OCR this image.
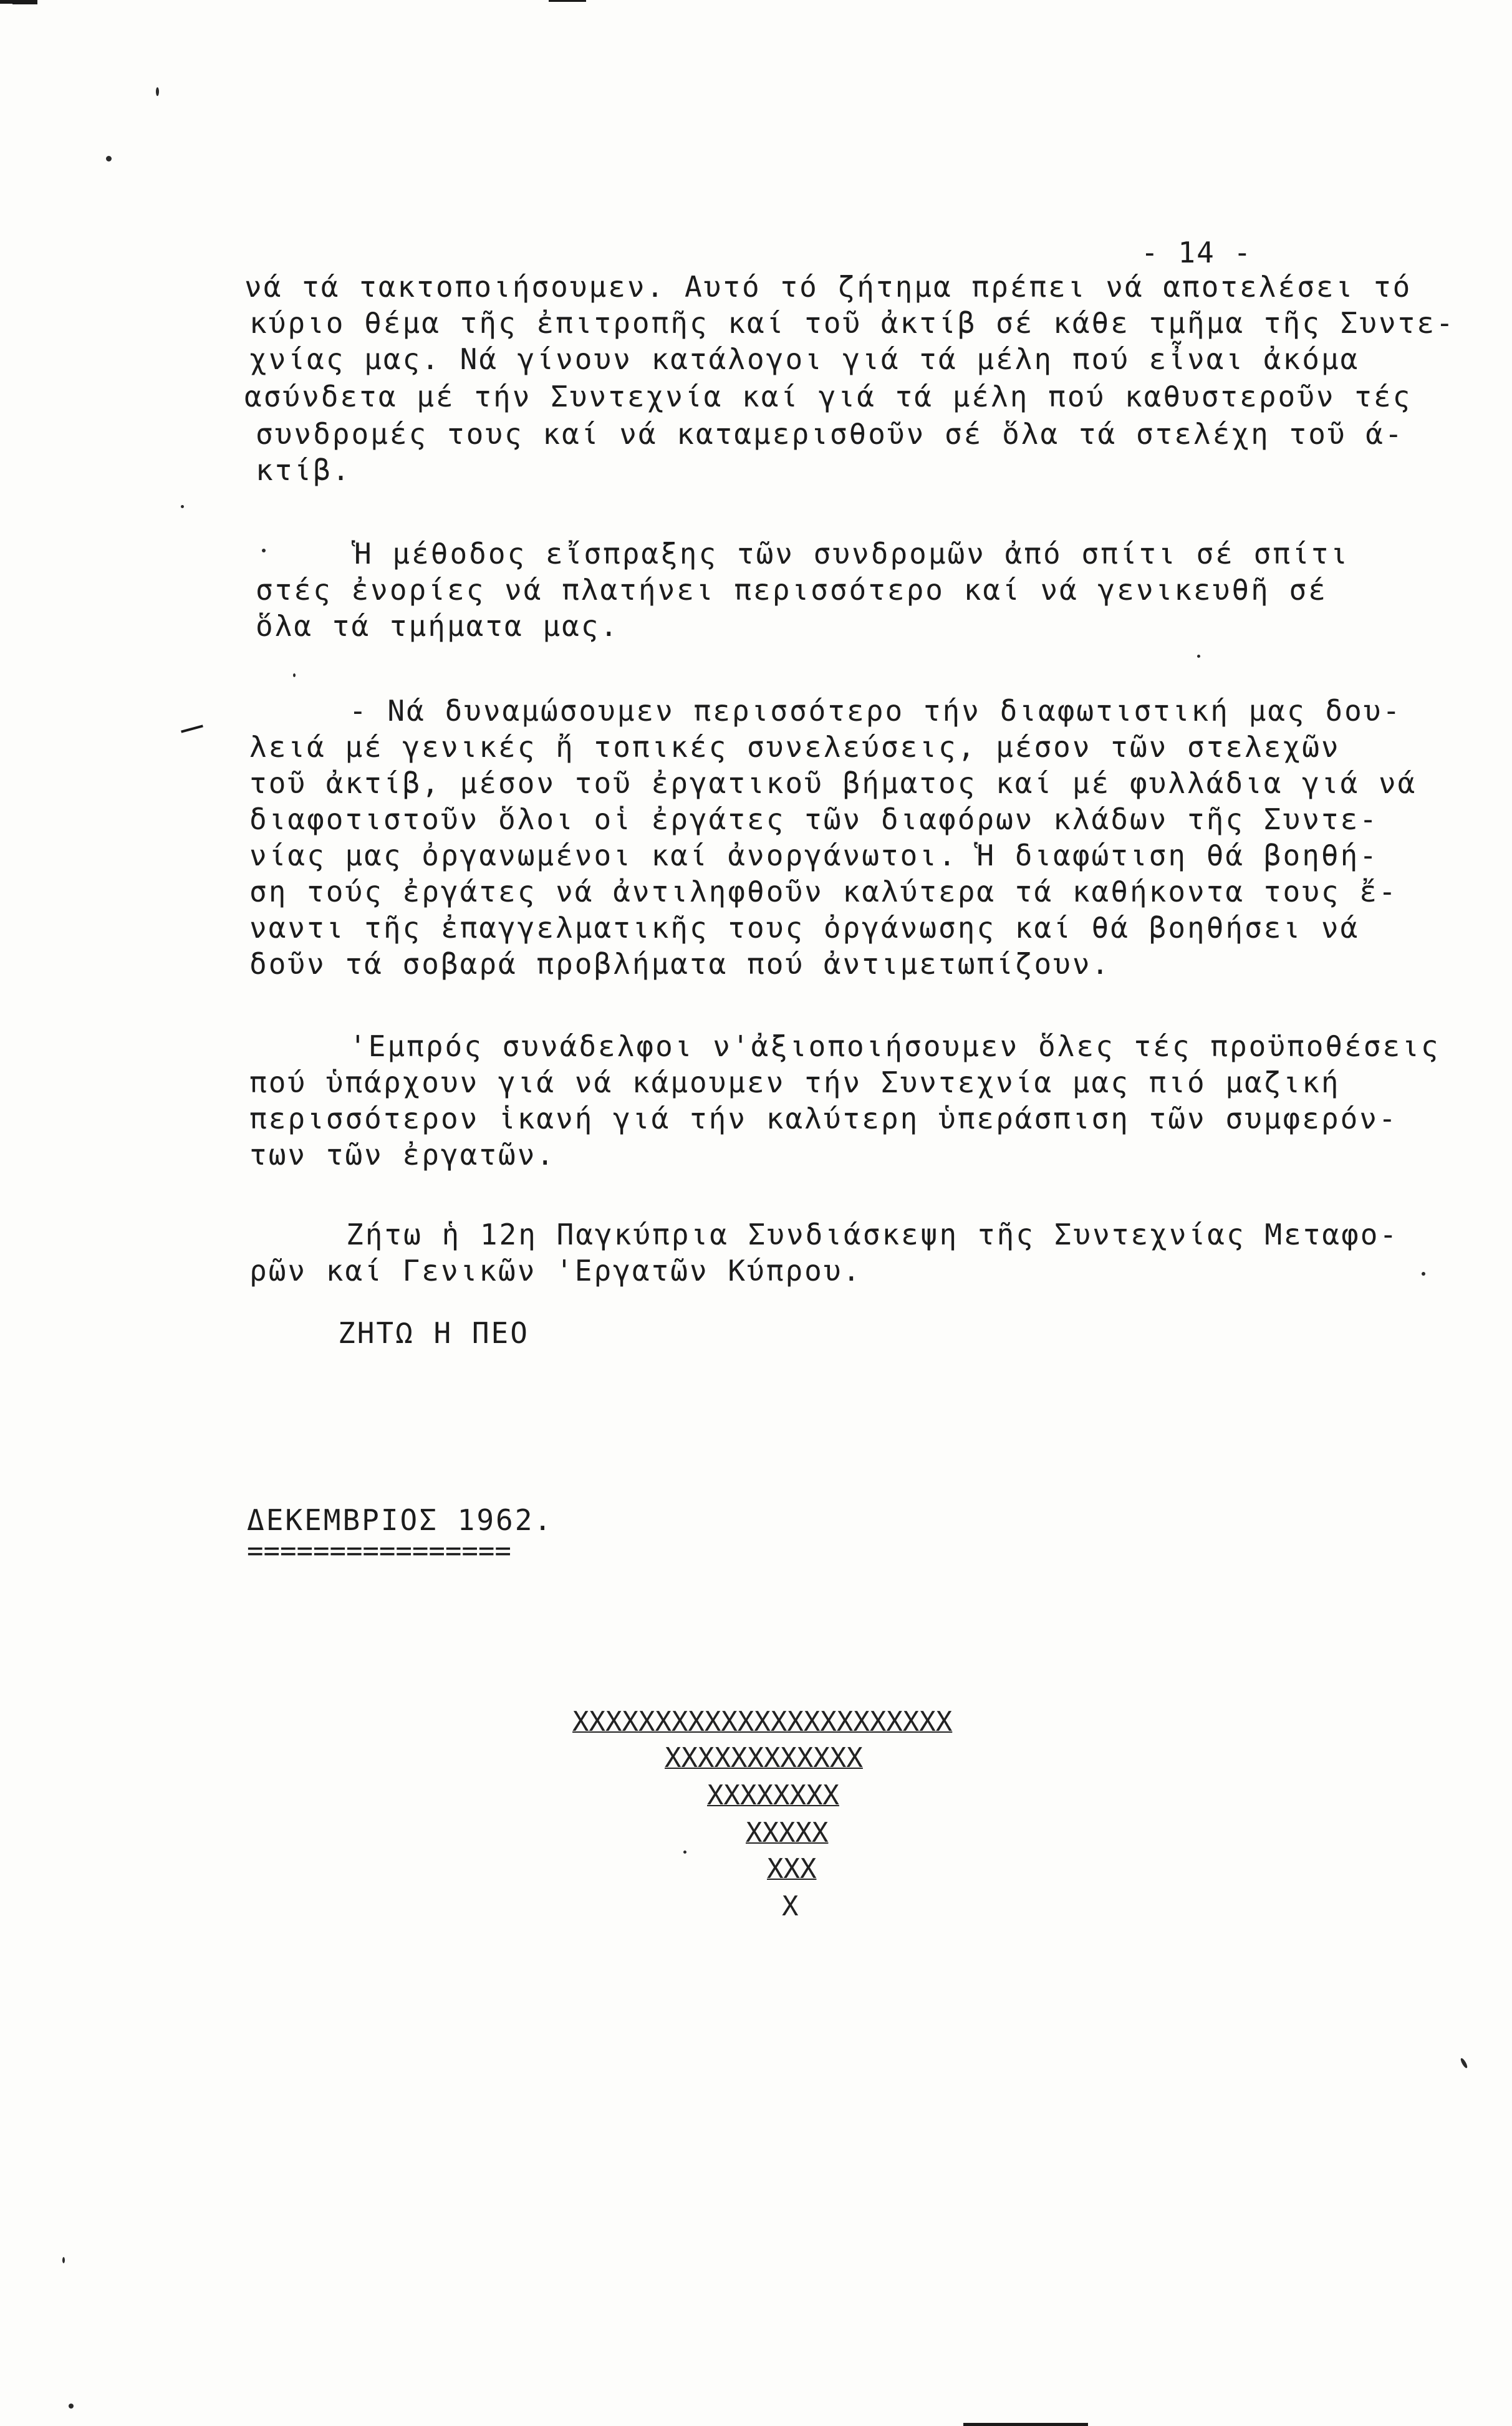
- 14 -
νά τά τακτοποιήσουμεν. Αυτό τό ζήτημα πρέπει νά αποτελέσει τό
κύριο θέμα τῆς ἐπιτροπῆς καί τοῦ ἀκτίβ σέ κάθε τμῆμα τῆς Συντε-
χνίας μας. Νά γίνουν κατάλογοι γιά τά μέλη πού εἶναι ἀκόμα
ασύνδετα μέ τήν Συντεχνία καί γιά τά μέλη πού καθυστεροῦν τές
συνδρομές τους καί νά καταμερισθοῦν σέ ὅλα τά στελέχη τοῦ ά-
κτίβ.
Ἡ μέθοδος εἴσπραξης τῶν συνδρομῶν ἀπό σπίτι σέ σπίτι
στές ἐνορίες νά πλατήνει περισσότερο καί νά γενικευθῆ σέ
ὅλα τά τμήματα μας.
- Νά δυναμώσουμεν περισσότερο τήν διαφωτιστική μας δου-
λειά μέ γενικές ἤ τοπικές συνελεύσεις, μέσον τῶν στελεχῶν
τοῦ ἀκτίβ, μέσον τοῦ ἐργατικοῦ βήματος καί μέ φυλλάδια γιά νά
διαφοτιστοῦν ὅλοι οἱ ἐργάτες τῶν διαφόρων κλάδων τῆς Συντε-
νίας μας ὀργανωμένοι καί ἀνοργάνωτοι. Ἡ διαφώτιση θά βοηθή-
ση τούς ἐργάτες νά ἀντιληφθοῦν καλύτερα τά καθήκοντα τους ἔ-
ναντι τῆς ἐπαγγελματικῆς τους ὀργάνωσης καί θά βοηθήσει νά
δοῦν τά σοβαρά προβλήματα πού ἀντιμετωπίζουν.
'Εμπρός συνάδελφοι ν'ἀξιοποιήσουμεν ὅλες τές προϋποθέσεις
πού ὑπάρχουν γιά νά κάμουμεν τήν Συντεχνία μας πιό μαζική
περισσότερον ἱκανή γιά τήν καλύτερη ὑπεράσπιση τῶν συμφερόν-
των τῶν ἐργατῶν.
Ζήτω ἡ 12η Παγκύπρια Συνδιάσκεψη τῆς Συντεχνίας Μεταφο-
ρῶν καί Γενικῶν 'Εργατῶν Κύπρου.
ΖΗΤΩ Η ΠΕΟ
ΔΕΚΕΜΒΡΙΟΣ 1962.
================
XXXXXXXXXXXXXXXXXXXXXXX
XXXXXXXXXXXX
XXXXXXXX
XXXXX
XXX
X
